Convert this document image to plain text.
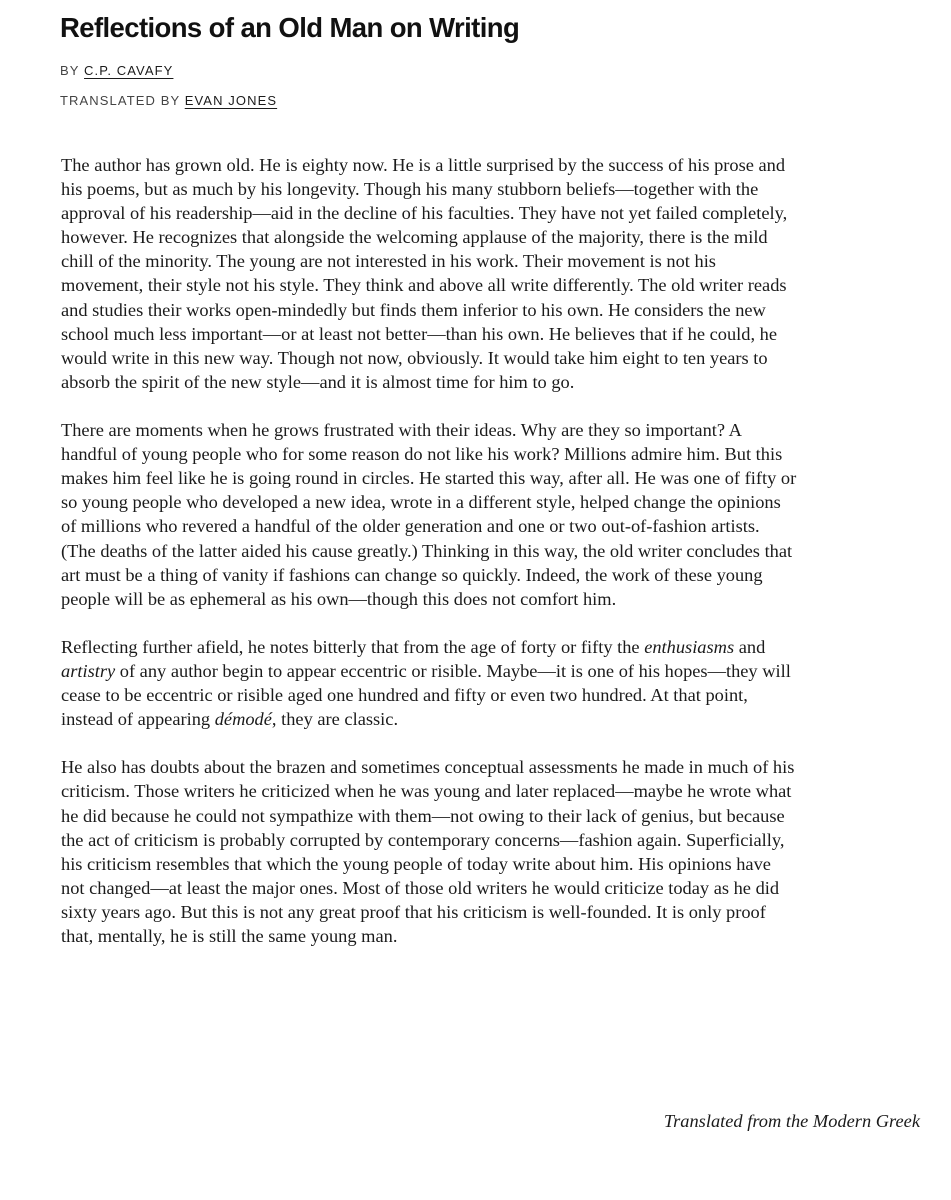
Reflections of an Old Man on Writing

BY C.P. CAVAFY

TRANSLATED BY EVAN JONES

The author has grown old. He is eighty now. He is a little surprised by the success of his prose and
his poems, but as much by his longevity. Though his many stubborn beliefs—together with the
approval of his readership—aid in the decline of his faculties. They have not yet failed completely,
however. He recognizes that alongside the welcoming applause of the majority, there is the mild
chill of the minority. The young are not interested in his work. Their movement is not his
movement, their style not his style. They think and above all write differently. The old writer reads
and studies their works open-mindedly but finds them inferior to his own. He considers the new
school much less important—or at least not better—than his own. He believes that if he could, he
would write in this new way. Though not now, obviously. It would take him eight to ten years to
absorb the spirit of the new style—and it is almost time for him to go.

There are moments when he grows frustrated with their ideas. Why are they so important? A
handful of young people who for some reason do not like his work? Millions admire him. But this
makes him feel like he is going round in circles. He started this way, after all. He was one of fifty or
so young people who developed a new idea, wrote in a different style, helped change the opinions
of millions who revered a handful of the older generation and one or two out-of-fashion artists.
(The deaths of the latter aided his cause greatly.) Thinking in this way, the old writer concludes that
art must be a thing of vanity if fashions can change so quickly. Indeed, the work of these young
people will be as ephemeral as his own—though this does not comfort him.

Reflecting further afield, he notes bitterly that from the age of forty or fifty the enthusiasms and
artistry of any author begin to appear eccentric or risible. Maybe—it is one of his hopes—they will
cease to be eccentric or risible aged one hundred and fifty or even two hundred. At that point,
instead of appearing démodé, they are classic.

He also has doubts about the brazen and sometimes conceptual assessments he made in much of his
criticism. Those writers he criticized when he was young and later replaced—maybe he wrote what
he did because he could not sympathize with them—not owing to their lack of genius, but because
the act of criticism is probably corrupted by contemporary concerns—fashion again. Superficially,
his criticism resembles that which the young people of today write about him. His opinions have
not changed—at least the major ones. Most of those old writers he would criticize today as he did
sixty years ago. But this is not any great proof that his criticism is well-founded. It is only proof
that, mentally, he is still the same young man.

Translated from the Modern Greek
